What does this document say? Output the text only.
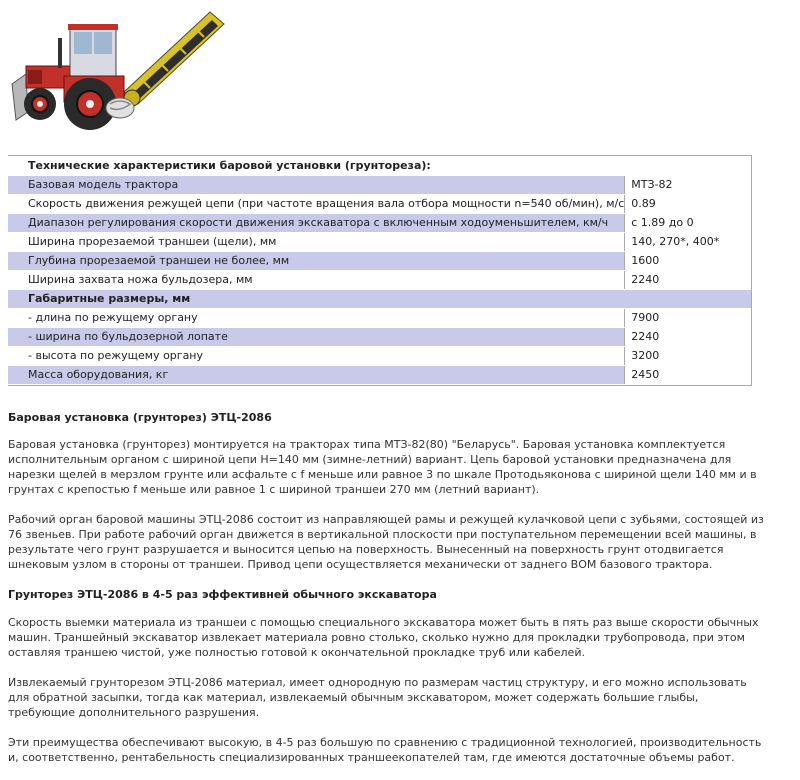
Технические характеристики баровой установки (грунтореза):	
Базовая модель трактора	МТЗ-82
Скорость движения режущей цепи (при частоте вращения вала отбора мощности n=540 об/мин), м/с	0.89
Диапазон регулирования скорости движения экскаватора с включенным ходоуменьшителем, км/ч	с 1.89 до 0
Ширина прорезаемой траншеи (щели), мм	140, 270*, 400*
Глубина прорезаемой траншеи не более, мм	1600
Ширина захвата ножа бульдозера, мм	2240
Габаритные размеры, мм	
- длина по режущему органу	7900
- ширина по бульдозерной лопате	2240
- высота по режущему органу	3200
Масса оборудования, кг	2450
Баровая установка (грунторез) ЭТЦ-2086

Баровая установка (грунторез) монтируется на тракторах типа МТЗ-82(80) "Беларусь". Баровая установка комплектуется исполнительным органом с шириной цепи Н=140 мм (зимне-летний) вариант. Цепь баровой установки предназначена для нарезки щелей в мерзлом грунте или асфальте с f меньше или равное 3 по шкале Протодьяконова с шириной щели 140 мм и в грунтах с крепостью f меньше или равное 1 с шириной траншеи 270 мм (летний вариант).

Рабочий орган баровой машины ЭТЦ-2086 состоит из направляющей рамы и режущей кулачковой цепи с зубьями, состоящей из 76 звеньев. При работе рабочий орган движется в вертикальной плоскости при поступательном перемещении всей машины, в результате чего грунт разрушается и выносится цепью на поверхность. Вынесенный на поверхность грунт отодвигается шнековым узлом в стороны от траншеи. Привод цепи осуществляется механически от заднего ВОМ базового трактора.

Грунторез ЭТЦ-2086 в 4-5 раз эффективней обычного экскаватора

Скорость выемки материала из траншеи с помощью специального экскаватора может быть в пять раз выше скорости обычных машин. Траншейный экскаватор извлекает материала ровно столько, сколько нужно для прокладки трубопровода, при этом оставляя траншею чистой, уже полностью готовой к окончательной прокладке труб или кабелей.

Извлекаемый грунторезом ЭТЦ-2086 материал, имеет однородную по размерам частиц структуру, и его можно использовать для обратной засыпки, тогда как материал, извлекаемый обычным экскаватором, может содержать большие глыбы, требующие дополнительного разрушения.

Эти преимущества обеспечивают высокую, в 4-5 раз большую по сравнению с традиционной технологией, производительность и, соответственно, рентабельность специализированных траншеекопателей там, где имеются достаточные объемы работ.
